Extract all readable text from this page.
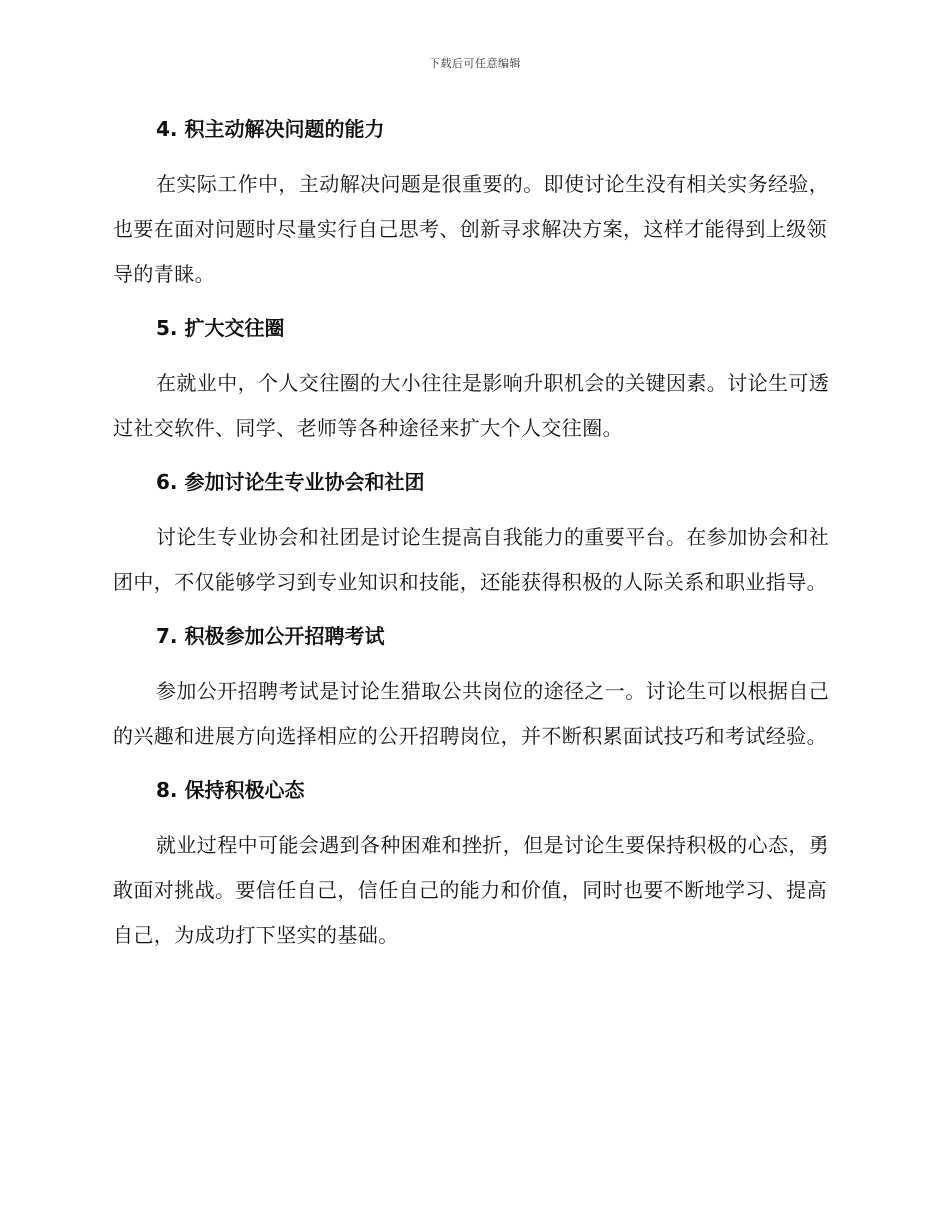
下载后可任意编辑
4. 积主动解决问题的能力

在实际工作中，主动解决问题是很重要的。即使讨论生没有相关实务经验，也要在面对问题时尽量实行自己思考、创新寻求解决方案，这样才能得到上级领导的青睐。

5. 扩大交往圈

在就业中，个人交往圈的大小往往是影响升职机会的关键因素。讨论生可透过社交软件、同学、老师等各种途径来扩大个人交往圈。

6. 参加讨论生专业协会和社团

讨论生专业协会和社团是讨论生提高自我能力的重要平台。在参加协会和社团中，不仅能够学习到专业知识和技能，还能获得积极的人际关系和职业指导。

7. 积极参加公开招聘考试

参加公开招聘考试是讨论生猎取公共岗位的途径之一。讨论生可以根据自己的兴趣和进展方向选择相应的公开招聘岗位，并不断积累面试技巧和考试经验。

8. 保持积极心态

就业过程中可能会遇到各种困难和挫折，但是讨论生要保持积极的心态，勇敢面对挑战。要信任自己，信任自己的能力和价值，同时也要不断地学习、提高自己，为成功打下坚实的基础。
